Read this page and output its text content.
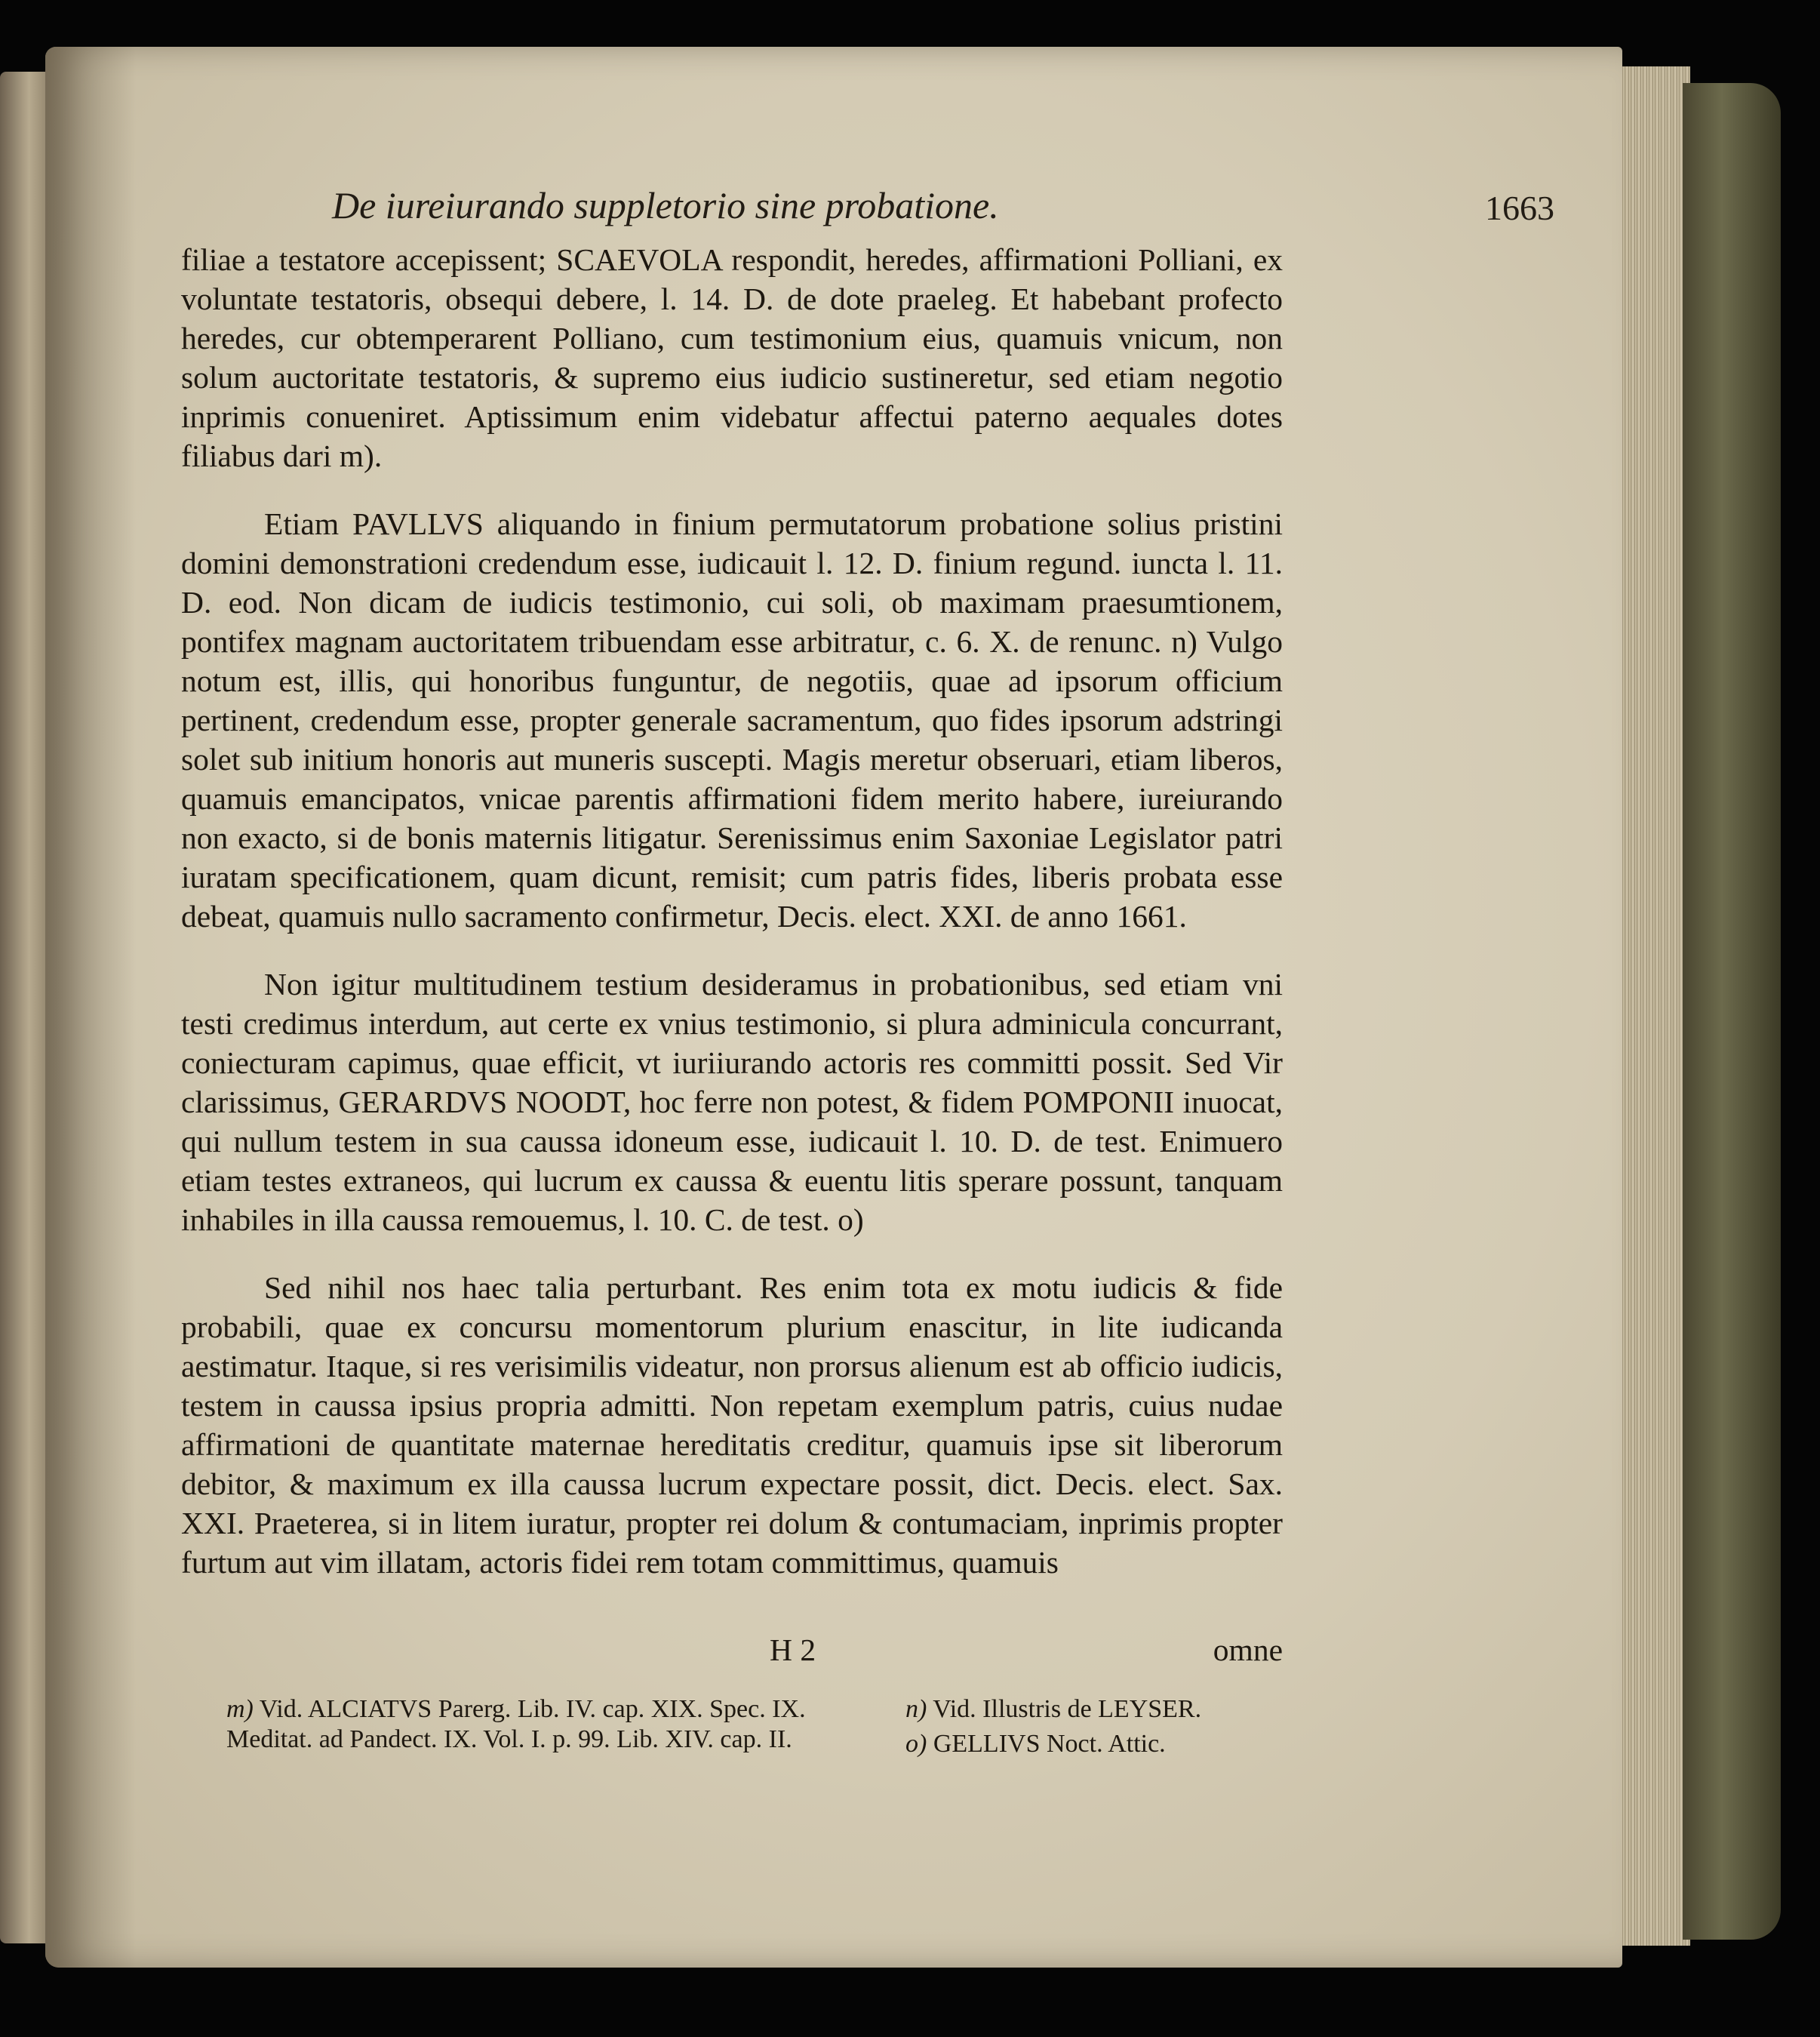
De iureiurando suppletorio sine probatione.	1663

filiae a testatore accepissent; SCAEVOLA respondit, heredes, affirmationi Polliani, ex voluntate testatoris, obsequi debere, l. 14. D. de dote praeleg. Et habebant profecto heredes, cur obtemperarent Polliano, cum testimonium eius, quamuis vnicum, non solum auctoritate testatoris, & supremo eius iudicio sustineretur, sed etiam negotio inprimis conueniret. Aptissimum enim videbatur affectui paterno aequales dotes filiabus dari m).

Etiam PAVLLVS aliquando in finium permutatorum probatione solius pristini domini demonstrationi credendum esse, iudicauit l. 12. D. finium regund. iuncta l. 11. D. eod. Non dicam de iudicis testimonio, cui soli, ob maximam praesumtionem, pontifex magnam auctoritatem tribuendam esse arbitratur, c. 6. X. de renunc. n) Vulgo notum est, illis, qui honoribus funguntur, de negotiis, quae ad ipsorum officium pertinent, credendum esse, propter generale sacramentum, quo fides ipsorum adstringi solet sub initium honoris aut muneris suscepti. Magis meretur obseruari, etiam liberos, quamuis emancipatos, vnicae parentis affirmationi fidem merito habere, iureiurando non exacto, si de bonis maternis litigatur. Serenissimus enim Saxoniae Legislator patri iuratam specificationem, quam dicunt, remisit; cum patris fides, liberis probata esse debeat, quamuis nullo sacramento confirmetur, Decis. elect. XXI. de anno 1661.

Non igitur multitudinem testium desideramus in probationibus, sed etiam vni testi credimus interdum, aut certe ex vnius testimonio, si plura adminicula concurrant, coniecturam capimus, quae efficit, vt iuriiurando actoris res committi possit. Sed Vir clarissimus, GERARDVS NOODT, hoc ferre non potest, & fidem POMPONII inuocat, qui nullum testem in sua caussa idoneum esse, iudicauit l. 10. D. de test. Enimuero etiam testes extraneos, qui lucrum ex caussa & euentu litis sperare possunt, tanquam inhabiles in illa caussa remouemus, l. 10. C. de test. o)

Sed nihil nos haec talia perturbant. Res enim tota ex motu iudicis & fide probabili, quae ex concursu momentorum plurium enascitur, in lite iudicanda aestimatur. Itaque, si res verisimilis videatur, non prorsus alienum est ab officio iudicis, testem in caussa ipsius propria admitti. Non repetam exemplum patris, cuius nudae affirmationi de quantitate maternae hereditatis creditur, quamuis ipse sit liberorum debitor, & maximum ex illa caussa lucrum expectare possit, dict. Decis. elect. Sax. XXI. Praeterea, si in litem iuratur, propter rei dolum & contumaciam, inprimis propter furtum aut vim illatam, actoris fidei rem totam committimus, quamuis

H 2	omne

m) Vid. ALCIATVS Parerg. Lib. IV. cap. XIX. Spec. IX. Meditat. ad Pandect. IX. Vol. I. p. 99. Lib. XIV. cap. II.

n) Vid. Illustris de LEYSER.

o) GELLIVS Noct. Attic.
